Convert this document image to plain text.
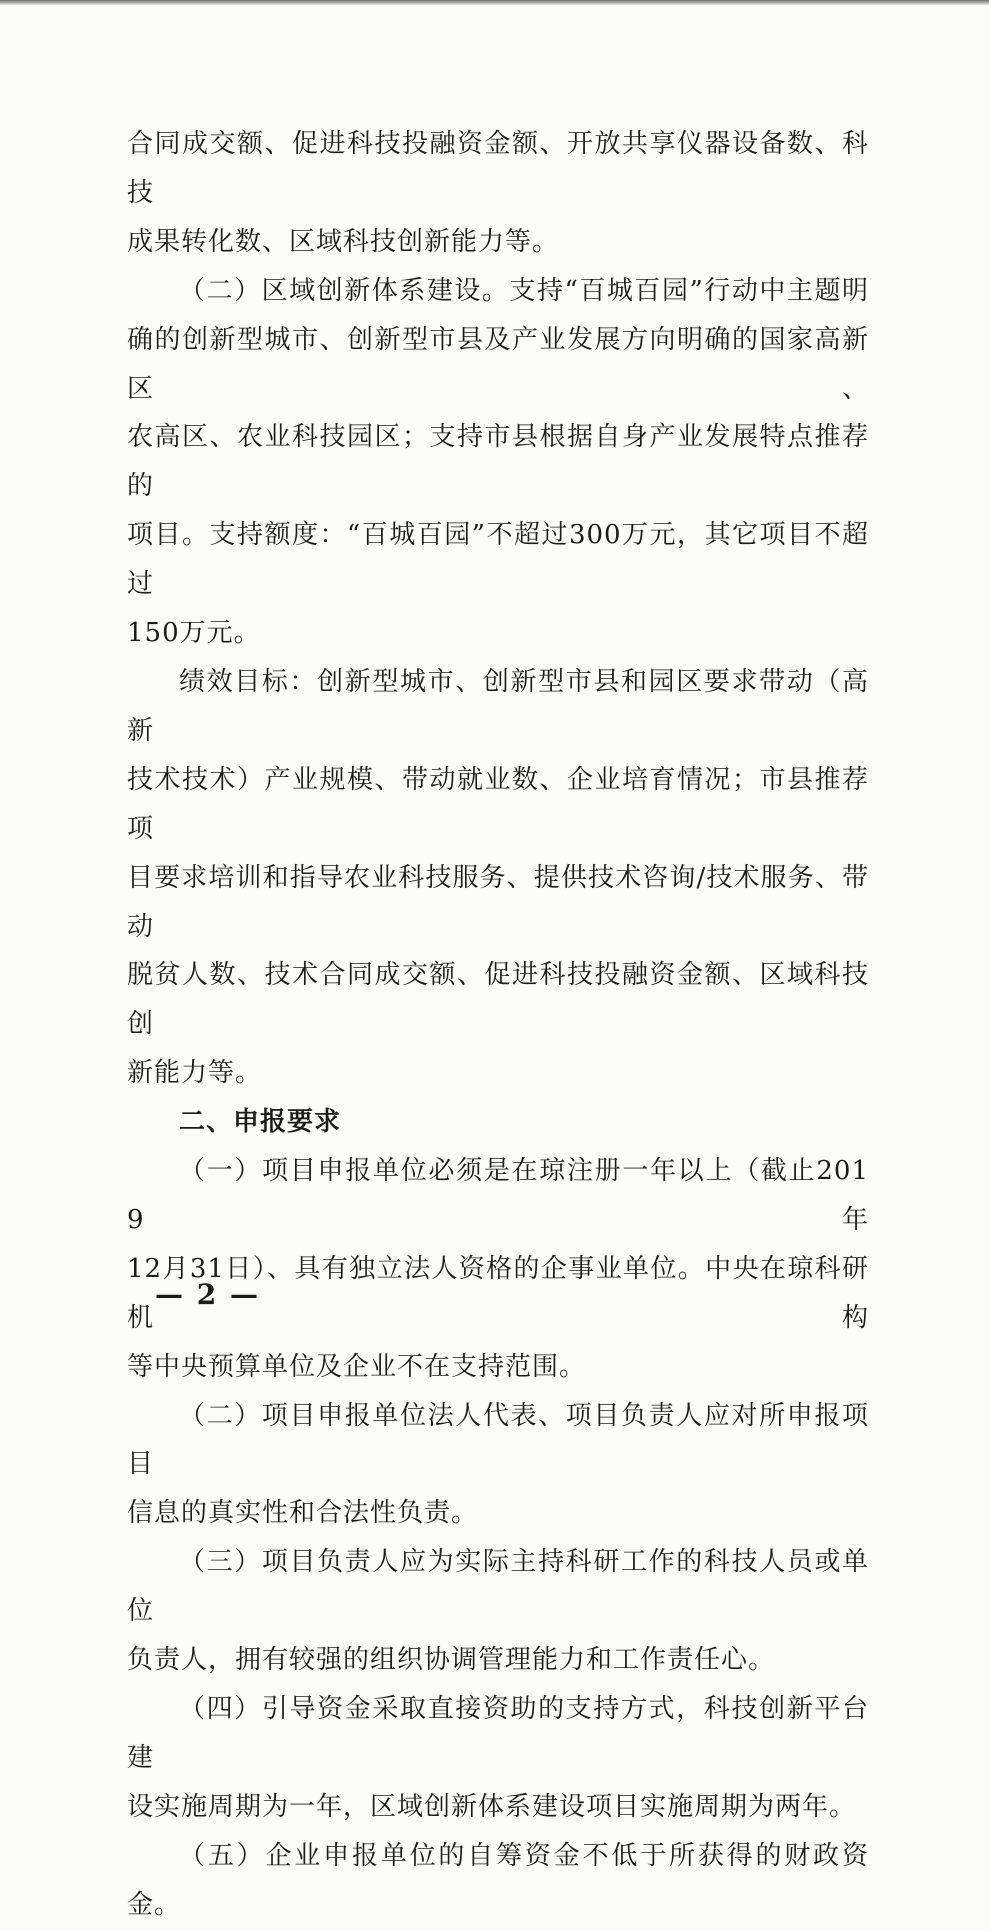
合同成交额、促进科技投融资金额、开放共享仪器设备数、科技

成果转化数、区域科技创新能力等。

（二）区域创新体系建设。支持“百城百园”行动中主题明

确的创新型城市、创新型市县及产业发展方向明确的国家高新区、

农高区、农业科技园区；支持市县根据自身产业发展特点推荐的

项目。支持额度：“百城百园”不超过300万元，其它项目不超过

150万元。

绩效目标：创新型城市、创新型市县和园区要求带动（高新

技术技术）产业规模、带动就业数、企业培育情况；市县推荐项

目要求培训和指导农业科技服务、提供技术咨询/技术服务、带动

脱贫人数、技术合同成交额、促进科技投融资金额、区域科技创

新能力等。

二、申报要求

（一）项目申报单位必须是在琼注册一年以上（截止2019年

12月31日）、具有独立法人资格的企事业单位。中央在琼科研机构

等中央预算单位及企业不在支持范围。

（二）项目申报单位法人代表、项目负责人应对所申报项目

信息的真实性和合法性负责。

（三）项目负责人应为实际主持科研工作的科技人员或单位

负责人，拥有较强的组织协调管理能力和工作责任心。

（四）引导资金采取直接资助的支持方式，科技创新平台建

设实施周期为一年，区域创新体系建设项目实施周期为两年。

（五）企业申报单位的自筹资金不低于所获得的财政资金。

— 2 —
